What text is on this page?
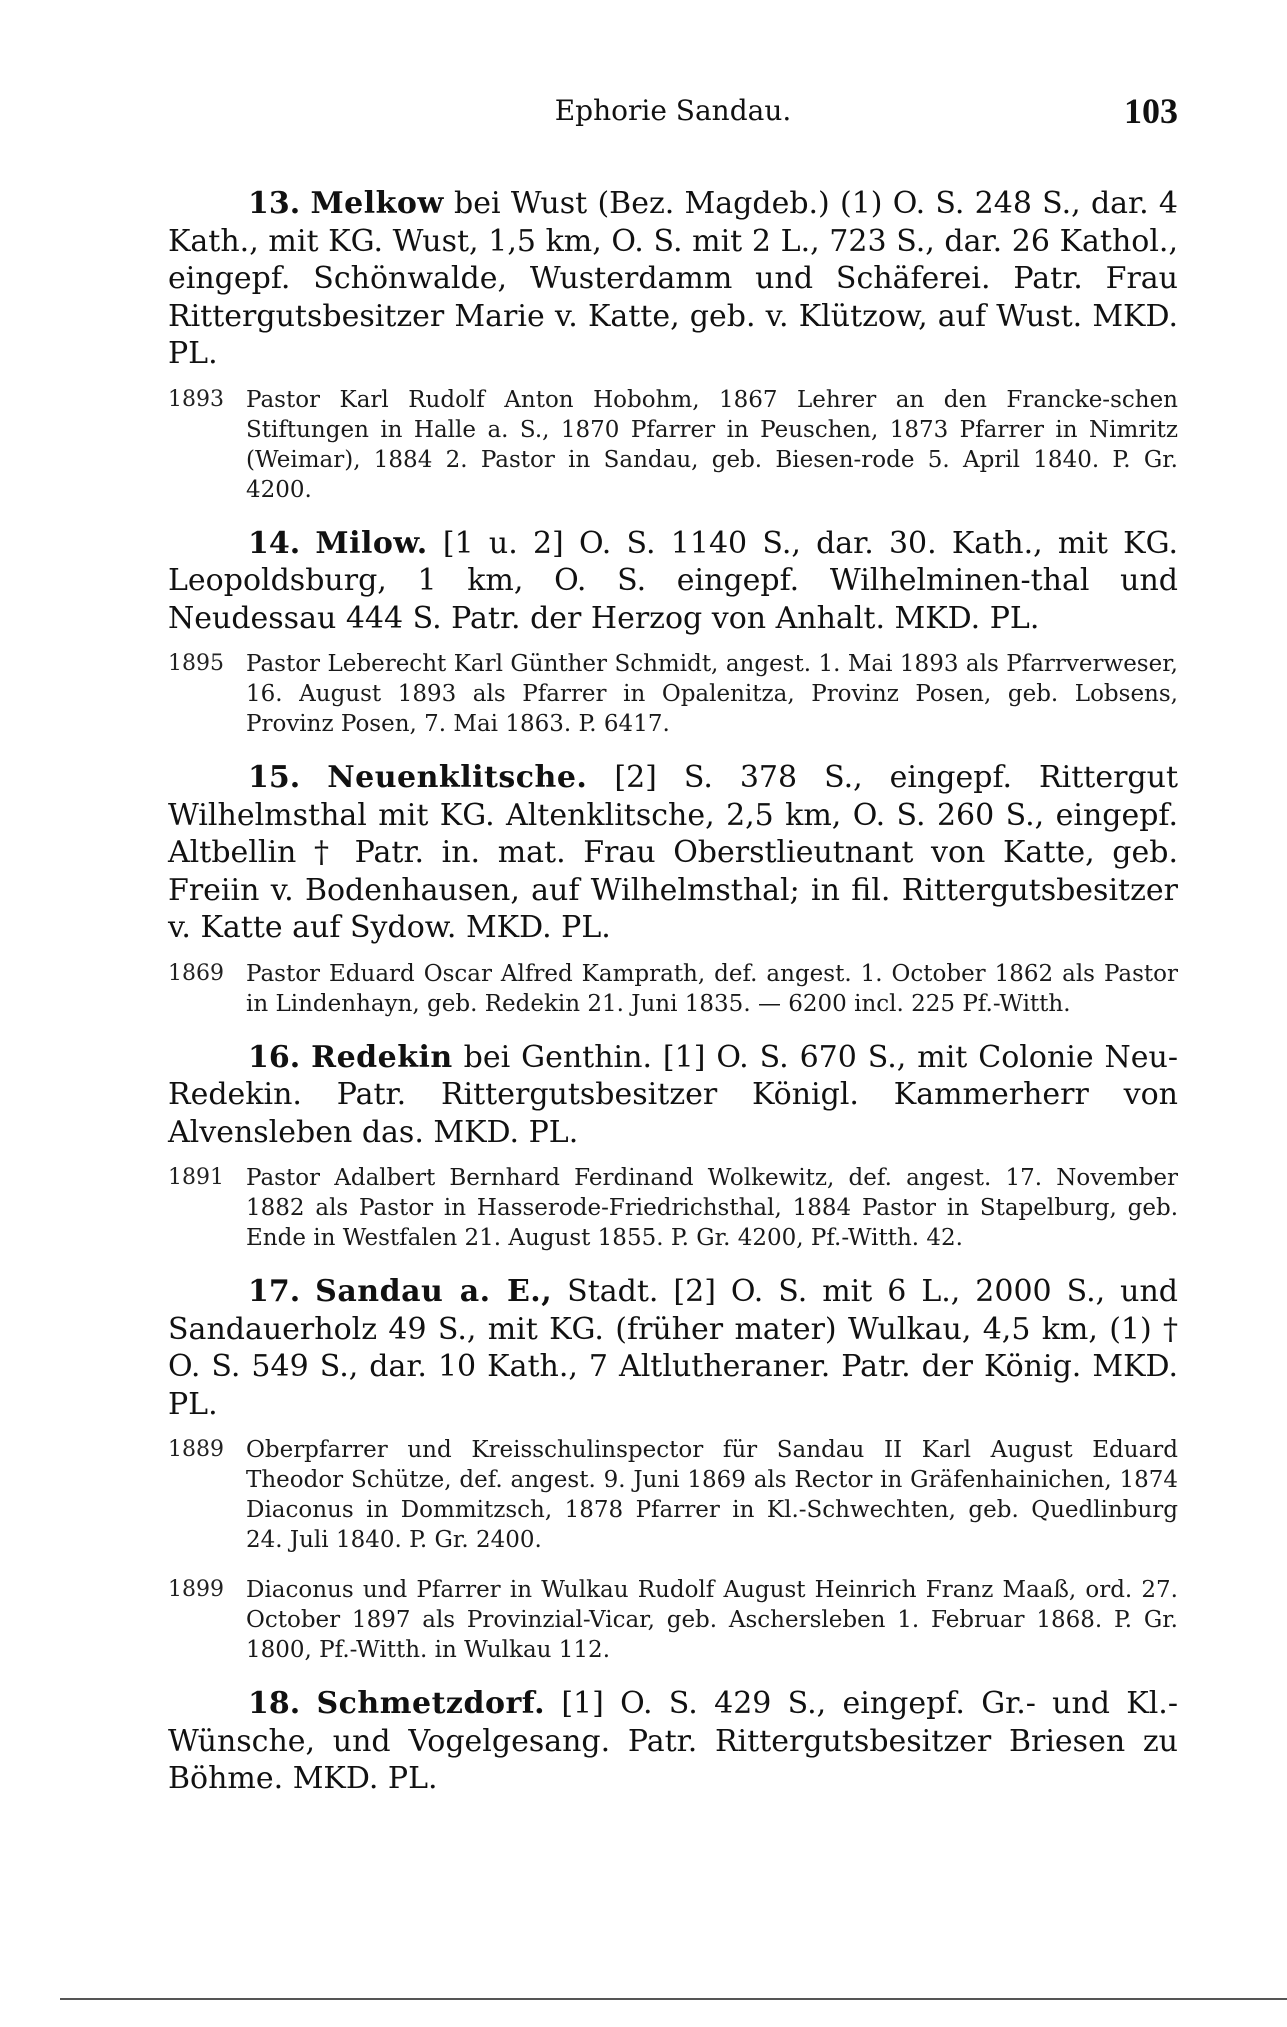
Ephorie Sandau.	103

13. Melkow bei Wust (Bez. Magdeb.) (1) O. S. 248 S., dar. 4 Kath., mit KG. Wust, 1,5 km, O. S. mit 2 L., 723 S., dar. 26 Kathol., eingepf. Schönwalde, Wusterdamm und Schäferei. Patr. Frau Rittergutsbesitzer Marie v. Katte, geb. v. Klützow, auf Wust. MKD. PL.

1893 Pastor Karl Rudolf Anton Hobohm, 1867 Lehrer an den Francke-schen Stiftungen in Halle a. S., 1870 Pfarrer in Peuschen, 1873 Pfarrer in Nimritz (Weimar), 1884 2. Pastor in Sandau, geb. Biesen-rode 5. April 1840. P. Gr. 4200.

14. Milow. [1 u. 2] O. S. 1140 S., dar. 30. Kath., mit KG. Leopoldsburg, 1 km, O. S. eingepf. Wilhelminen-thal und Neudessau 444 S. Patr. der Herzog von Anhalt. MKD. PL.

1895 Pastor Leberecht Karl Günther Schmidt, angest. 1. Mai 1893 als Pfarrverweser, 16. August 1893 als Pfarrer in Opalenitza, Provinz Posen, geb. Lobsens, Provinz Posen, 7. Mai 1863. P. 6417.

15. Neuenklitsche. [2] S. 378 S., eingepf. Rittergut Wilhelmsthal mit KG. Altenklitsche, 2,5 km, O. S. 260 S., eingepf. Altbellin † Patr. in. mat. Frau Oberstlieutnant von Katte, geb. Freiin v. Bodenhausen, auf Wilhelmsthal; in fil. Rittergutsbesitzer v. Katte auf Sydow. MKD. PL.

1869 Pastor Eduard Oscar Alfred Kamprath, def. angest. 1. October 1862 als Pastor in Lindenhayn, geb. Redekin 21. Juni 1835. — 6200 incl. 225 Pf.-Witth.

16. Redekin bei Genthin. [1] O. S. 670 S., mit Colonie Neu-Redekin. Patr. Rittergutsbesitzer Königl. Kammerherr von Alvensleben das. MKD. PL.

1891 Pastor Adalbert Bernhard Ferdinand Wolkewitz, def. angest. 17. November 1882 als Pastor in Hasserode-Friedrichsthal, 1884 Pastor in Stapelburg, geb. Ende in Westfalen 21. August 1855. P. Gr. 4200, Pf.-Witth. 42.

17. Sandau a. E., Stadt. [2] O. S. mit 6 L., 2000 S., und Sandauerholz 49 S., mit KG. (früher mater) Wulkau, 4,5 km, (1) † O. S. 549 S., dar. 10 Kath., 7 Altlutheraner. Patr. der König. MKD. PL.

1889 Oberpfarrer und Kreisschulinspector für Sandau II Karl August Eduard Theodor Schütze, def. angest. 9. Juni 1869 als Rector in Gräfenhainichen, 1874 Diaconus in Dommitzsch, 1878 Pfarrer in Kl.-Schwechten, geb. Quedlinburg 24. Juli 1840. P. Gr. 2400.
1899 Diaconus und Pfarrer in Wulkau Rudolf August Heinrich Franz Maaß, ord. 27. October 1897 als Provinzial-Vicar, geb. Aschersleben 1. Februar 1868. P. Gr. 1800, Pf.-Witth. in Wulkau 112.

18. Schmetzdorf. [1] O. S. 429 S., eingepf. Gr.- und Kl.-Wünsche, und Vogelgesang. Patr. Rittergutsbesitzer Briesen zu Böhme. MKD. PL.
